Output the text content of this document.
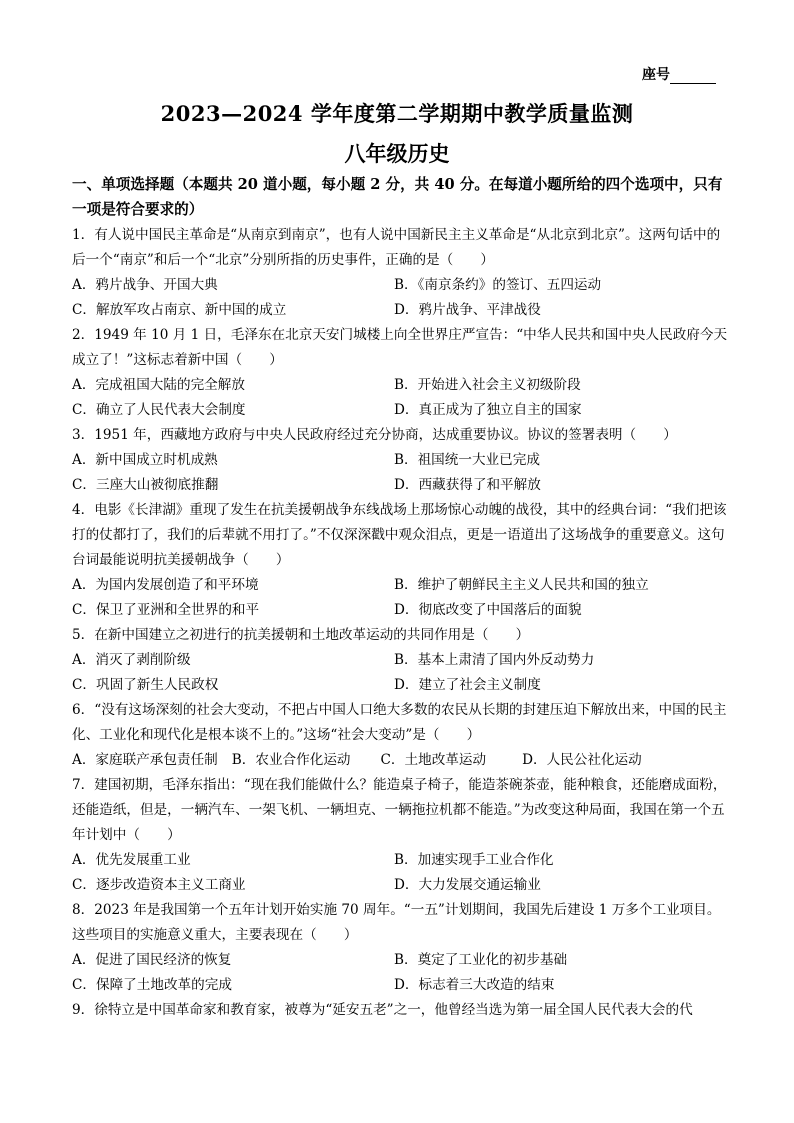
座号
2023—2024 学年度第二学期期中教学质量监测
八年级历史
一、单项选择题（本题共 20 道小题，每小题 2 分，共 40 分。在每道小题所给的四个选项中，只有一项是符合要求的）

1．有人说中国民主革命是“从南京到南京”，也有人说中国新民主主义革命是“从北京到北京”。这两句话中的后一个“南京”和后一个“北京”分别所指的历史事件，正确的是（　　）

A．鸦片战争、开国大典	B．《南京条约》的签订、五四运动
C．解放军攻占南京、新中国的成立	D．鸦片战争、平津战役

2．1949 年 10 月 1 日，毛泽东在北京天安门城楼上向全世界庄严宣告：“中华人民共和国中央人民政府今天成立了！”这标志着新中国（　　）

A．完成祖国大陆的完全解放	B．开始进入社会主义初级阶段
C．确立了人民代表大会制度	D．真正成为了独立自主的国家

3．1951 年，西藏地方政府与中央人民政府经过充分协商，达成重要协议。协议的签署表明（　　）

A．新中国成立时机成熟	B．祖国统一大业已完成
C．三座大山被彻底推翻	D．西藏获得了和平解放

4．电影《长津湖》重现了发生在抗美援朝战争东线战场上那场惊心动魄的战役，其中的经典台词：“我们把该打的仗都打了，我们的后辈就不用打了。”不仅深深戳中观众泪点，更是一语道出了这场战争的重要意义。这句台词最能说明抗美援朝战争（　　）

A．为国内发展创造了和平环境	B．维护了朝鲜民主主义人民共和国的独立
C．保卫了亚洲和全世界的和平	D．彻底改变了中国落后的面貌

5．在新中国建立之初进行的抗美援朝和土地改革运动的共同作用是（　　）

A．消灭了剥削阶级	B．基本上肃清了国内外反动势力
C．巩固了新生人民政权	D．建立了社会主义制度

6．“没有这场深刻的社会大变动，不把占中国人口绝大多数的农民从长期的封建压迫下解放出来，中国的民主化、工业化和现代化是根本谈不上的。”这场“社会大变动”是（　　）

A．家庭联产承包责任制 B．农业合作化运动 C．土地改革运动	D．人民公社化运动

7．建国初期，毛泽东指出：“现在我们能做什么？能造桌子椅子，能造茶碗茶壶，能种粮食，还能磨成面粉，还能造纸，但是，一辆汽车、一架飞机、一辆坦克、一辆拖拉机都不能造。”为改变这种局面，我国在第一个五年计划中（　　）

A．优先发展重工业	B．加速实现手工业合作化
C．逐步改造资本主义工商业	D．大力发展交通运输业

8．2023 年是我国第一个五年计划开始实施 70 周年。“一五”计划期间，我国先后建设 1 万多个工业项目。这些项目的实施意义重大，主要表现在（　　）

A．促进了国民经济的恢复	B．奠定了工业化的初步基础
C．保障了土地改革的完成	D．标志着三大改造的结束

9．徐特立是中国革命家和教育家，被尊为“延安五老”之一，他曾经当选为第一届全国人民代表大会的代
